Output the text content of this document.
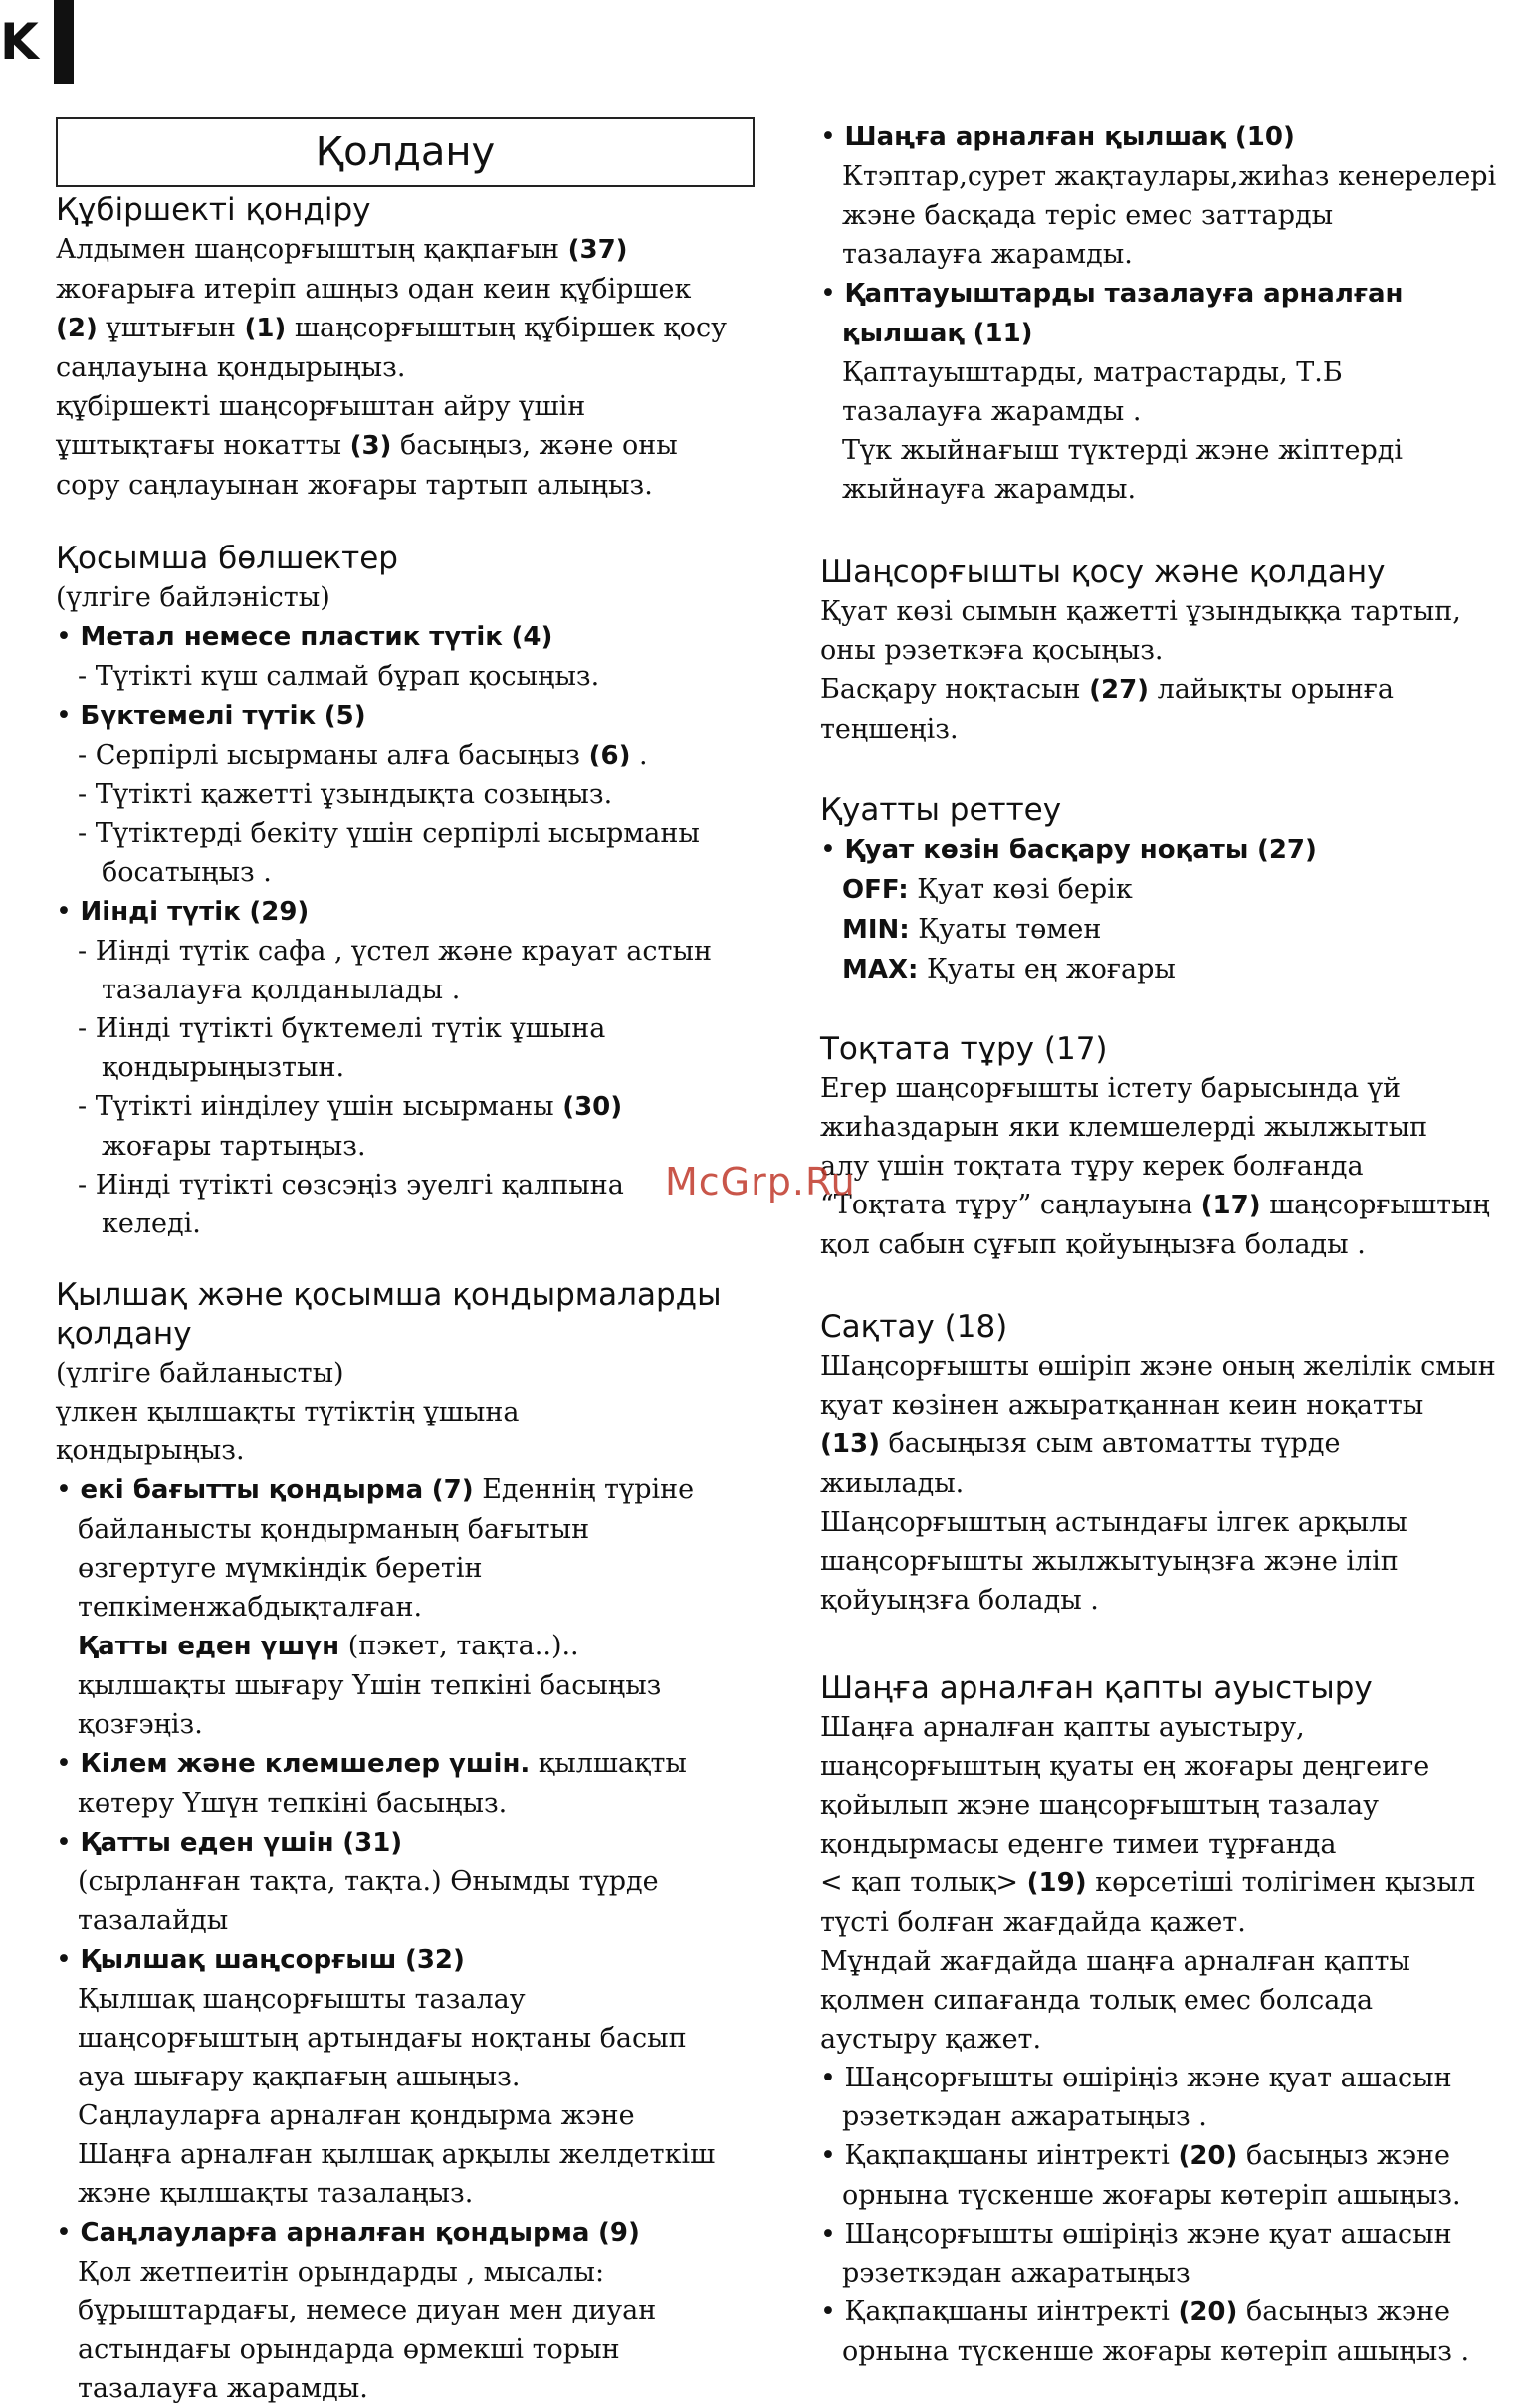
K
Қолдану
Құбіршекті қондіру

Алдымен шаңсорғыштың қақпағын (37)

жоғарыға итеріп ашңыз одан кеин құбіршек

(2) ұштығын (1) шаңсорғыштың құбіршек қосу

саңлауына қондырыңыз.

құбіршекті шаңсорғыштан айру үшін

ұштықтағы нокатты (3) басыңыз, және оны

сору саңлауынан жоғары тартып алыңыз.

Қосымша бөлшектер

(үлгіге байлэністы)

• Метал немесе пластик түтік (4)

- Түтікті күш салмай бұрап қосыңыз.

• Бүктемелі түтік (5)

- Серпірлі ысырманы алға басыңыз (6) .

- Түтікті қажетті ұзындықта созыңыз.

- Түтіктерді бекіту үшін серпірлі ысырманы

босатыңыз .

• Иінді түтік (29)

- Иінді түтік сафа , үстел және крауат астын

тазалауға қолданылады .

- Иінді түтікті бүктемелі түтік ұшына

қондырыңызтын.

- Түтікті иінділеу үшін ысырманы (30)

жоғары тартыңыз.

- Иінді түтікті сөзсэңіз эуелгі қалпына

келеді.

Қылшақ және қосымша қондырмаларды
қолдану

(үлгіге байланысты)

үлкен қылшақты түтіктің ұшына

қондырыңыз.

• екі бағытты қондырма (7) Еденнің түріне

байланысты қондырманың бағытын

өзгертуге мүмкіндік беретін

тепкіменжабдықталған.

Қатты еден үшүн (пэкет, тақта..)..

қылшақты шығару Үшін тепкіні басыңыз

қозғэңіз.

• Кілем және клемшелер үшін. қылшақты

көтеру Үшүн тепкіні басыңыз.

• Қатты еден үшін (31)

(сырланған тақта, тақта.) Өнымды түрде

тазалайды

• Қылшақ шаңсорғыш (32)

Қылшақ шаңсорғышты тазалау

шаңсорғыштың артындағы ноқтаны басып

ауа шығару қақпағың ашыңыз.

Саңлауларға арналған қондырма жэне

Шаңға арналған қылшақ арқылы желдеткіш

жэне қылшақты тазалаңыз.

• Саңлауларға арналған қондырма (9)

Қол жетпеитін орындарды , мысалы:

бұрыштардағы, немесе диуан мен диуан

астындағы орындарда өрмекші торын

тазалауға жарамды.

• Шаңға арналған қылшақ (10)

Ктэптар,сурет жақтаулары,жиһаз кенерелері

жэне басқада теріс емес заттарды

тазалауға жарамды.

• Қаптауыштарды тазалауға арналған

қылшақ (11)

Қаптауыштарды, матрастарды, Т.Б

тазалауға жарамды .

Түк жыйнағыш түктерді жэне жіптерді

жыйнауға жарамды.

Шаңсорғышты қосу және қолдану

Қуат көзі сымын қажетті ұзындыққа тартып,

оны рэзеткэға қосыңыз.

Басқару ноқтасын (27) лайықты орынға

теңшеңіз.

Қуатты реттеу

• Қуат көзін басқару ноқаты (27)

OFF: Қуат көзі берік

MIN: Қуаты төмен

MAX: Қуаты ең жоғары

Тоқтата тұру (17)

Егер шаңсорғышты істету барысында үй

жиһаздарын яки клемшелерді жылжытып

алу үшін тоқтата тұру керек болғанда

“Тоқтата тұру” саңлауына (17) шаңсорғыштың

қол сабын сұғып қойуыңызға болады .

Сақтау (18)

Шаңсорғышты өшіріп жэне оның желілік смын

қуат көзінен ажыратқаннан кеин ноқатты

(13) басыңызя сым автоматты түрде

жиылады.

Шаңсорғыштың астындағы ілгек арқылы

шаңсорғышты жылжытуыңзға жэне іліп

қойуыңзға болады .

Шаңға арналған қапты ауыстыру

Шаңға арналған қапты ауыстыру,

шаңсорғыштың қуаты ең жоғары деңгеиге

қойылып жэне шаңсорғыштың тазалау

қондырмасы еденге тимеи тұрғанда

< қап толық> (19) көрсетіші толігімен қызыл

түсті болған жағдайда қажет.

Мұндай жағдайда шаңға арналған қапты

қолмен сипағанда толық емес болсада

аустыру қажет.

• Шаңсорғышты өшіріңіз жэне қуат ашасын

рэзеткэдан ажаратыңыз .

• Қақпақшаны иінтректі (20) басыңыз жэне

орнына түскенше жоғары көтеріп ашыңыз.

• Шаңсорғышты өшіріңіз жэне қуат ашасын

рэзеткэдан ажаратыңыз

• Қақпақшаны иінтректі (20) басыңыз жэне

орнына түскенше жоғары көтеріп ашыңыз .

McGrp.Ru
